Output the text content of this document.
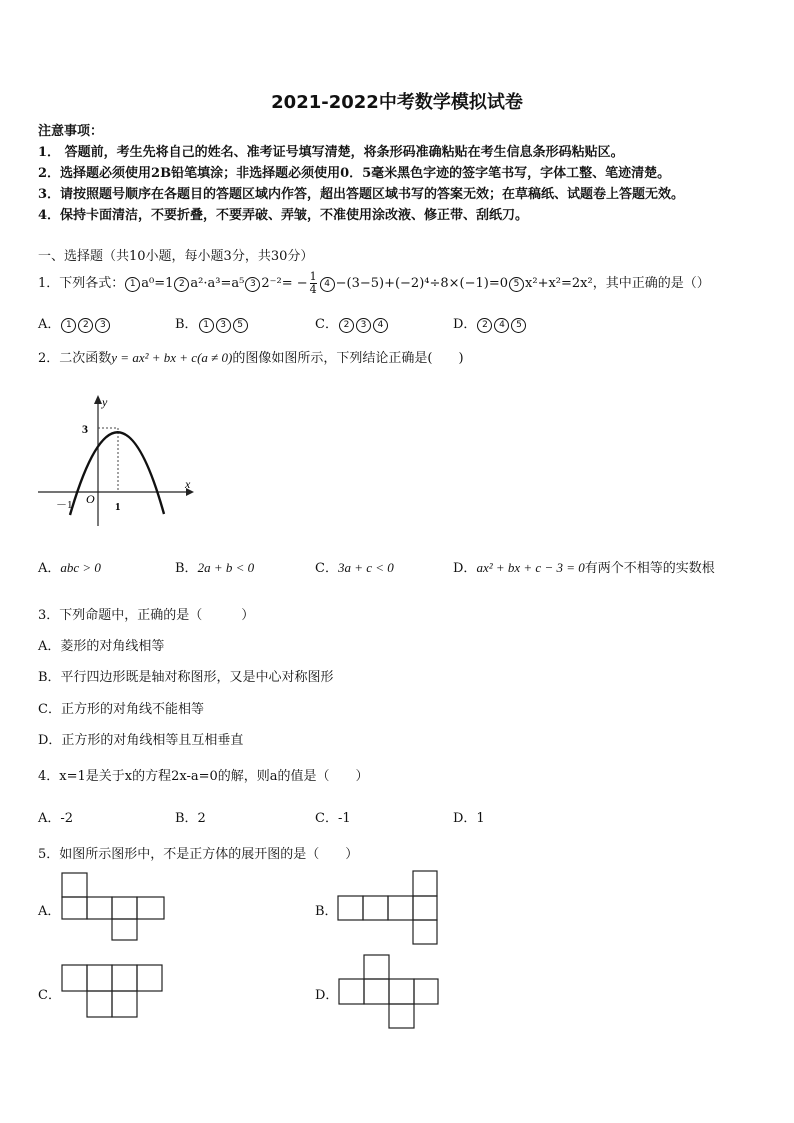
2021-2022中考数学模拟试卷
注意事项：
1． 答题前，考生先将自己的姓名、准考证号填写清楚，将条形码准确粘贴在考生信息条形码粘贴区。
2．选择题必须使用2B铅笔填涂；非选择题必须使用0．5毫米黑色字迹的签字笔书写，字体工整、笔迹清楚。
3．请按照题号顺序在各题目的答题区域内作答，超出答题区域书写的答案无效；在草稿纸、试题卷上答题无效。
4．保持卡面清洁，不要折叠，不要弄破、弄皱，不准使用涂改液、修正带、刮纸刀。
一、选择题（共10小题，每小题3分，共30分）
1．下列各式： 1 a⁰=1 2 a²·a³=a⁵ 3 $2^{-2}= - \frac{1}{4} 4 -(3-5)+(-2)^4\div 8\times(-1)=0$ 5 x²+x²=2x²，其中正确的是（）
A． 1 2 3	B． 1 3 5	C． 2 3 4	D． 2 4 5
2．二次函数y = ax² + bx + c(a ≠ 0)的图像如图所示，下列结论正确是(　　)
y
x
3
O
－1	1
A．abc > 0	B．2a + b < 0	C．3a + c < 0	D．ax² + bx + c − 3 = 0有两个不相等的实数根
3．下列命题中，正确的是（　　　）
A．菱形的对角线相等
B．平行四边形既是轴对称图形，又是中心对称图形
C．正方形的对角线不能相等
D．正方形的对角线相等且互相垂直
4．x=1是关于x的方程2x-a=0的解，则a的值是（　　）
A．-2	B．2	C．-1	D．1
5．如图所示图形中，不是正方体的展开图的是（　　）
A．	B．
C．	D．
